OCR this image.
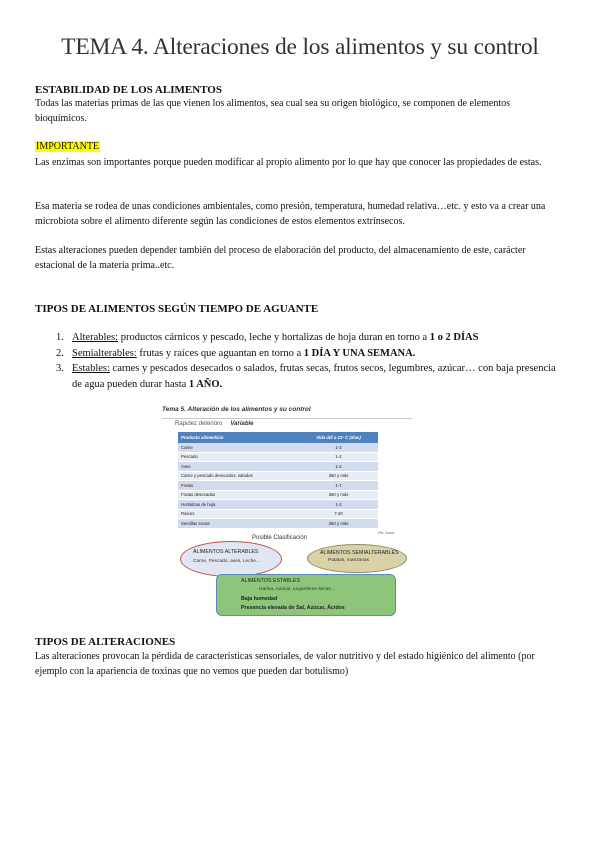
TEMA 4. Alteraciones de los alimentos y su control
ESTABILIDAD DE LOS ALIMENTOS
Todas las materias primas de las que vienen los alimentos, sea cual sea su origen biológico, se componen de elementos bioquímicos.
IMPORTANTE
Las enzimas son importantes porque pueden modificar al propio alimento por lo que hay que conocer las propiedades de estas.
Esa materia se rodea de unas condiciones ambientales, como presión, temperatura, humedad relativa…etc. y esto va a crear una microbiota sobre el alimento diferente según las condiciones de estos elementos extrínsecos.
Estas alteraciones pueden depender también del proceso de elaboración del producto, del almacenamiento de este, carácter estacional de la materia prima..etc.
TIPOS DE ALIMENTOS SEGÚN TIEMPO DE AGUANTE
1. Alterables: productos cárnicos y pescado, leche y hortalizas de hoja duran en torno a 1 o 2 DÍAS
2. Semialterables: frutas y raíces que aguantan en torno a 1 DÍA Y UNA SEMANA.
3. Estables: carnes y pescados desecados o salados, frutas secas, frutos secos, legumbres, azúcar… con baja presencia de agua pueden durar hasta 1 AÑO.
Tema 5. Alteración de los alimentos y su control
Rapidez deterioro Variable
Producto alimenticio	Vida útil a 21º C (días)
Carne	1-2
Pescado	1-2
Aves	1-2
Carne y pescado desecados, salados	360 y más
Frutas	1-7
Frutas desecadas	360 y más
Hortalizas de hoja	1-2
Raíces	7-20
Semillas secas	360 y más
Fte. Autor
Posible Clasificación
ALIMENTOS ALTERABLES
Carne, Pescado, aves, Leche…
ALIMENTOS SEMIALTERABLES
Patatas, manzanas
ALIMENTOS ESTABLES
Harina, Azúcar, Legumbres secas…
Baja humedad
Presencia elevada de Sal, Azúcar, Ácidos
TIPOS DE ALTERACIONES
Las alteraciones provocan la pérdida de características sensoriales, de valor nutritivo y del estado higiénico del alimento (por ejemplo con la apariencia de toxinas que no vemos que pueden dar botulismo)
